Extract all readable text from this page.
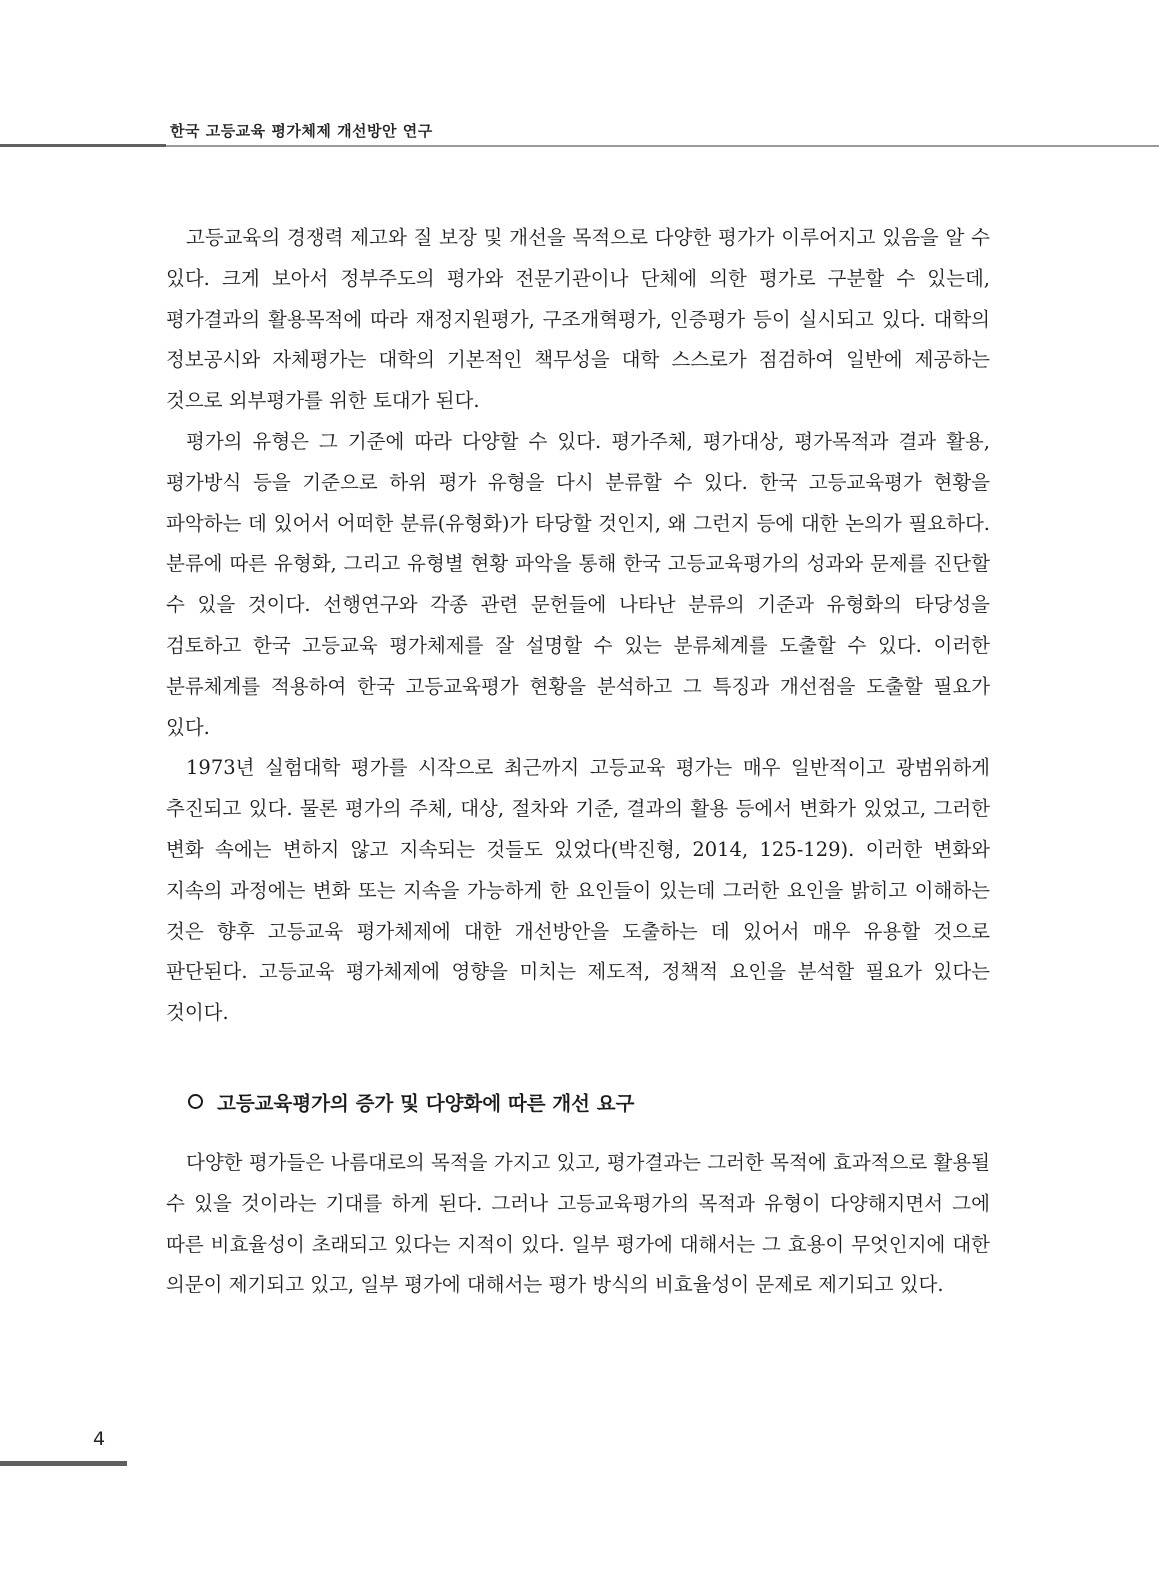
한국 고등교육 평가체제 개선방안 연구

고등교육의 경쟁력 제고와 질 보장 및 개선을 목적으로 다양한 평가가 이루어지고 있음을 알 수 있다. 크게 보아서 정부주도의 평가와 전문기관이나 단체에 의한 평가로 구분할 수 있는데, 평가결과의 활용목적에 따라 재정지원평가, 구조개혁평가, 인증평가 등이 실시되고 있다. 대학의 정보공시와 자체평가는 대학의 기본적인 책무성을 대학 스스로가 점검하여 일반에 제공하는 것으로 외부평가를 위한 토대가 된다.

평가의 유형은 그 기준에 따라 다양할 수 있다. 평가주체, 평가대상, 평가목적과 결과 활용, 평가방식 등을 기준으로 하위 평가 유형을 다시 분류할 수 있다. 한국 고등교육평가 현황을 파악하는 데 있어서 어떠한 분류(유형화)가 타당할 것인지, 왜 그런지 등에 대한 논의가 필요하다. 분류에 따른 유형화, 그리고 유형별 현황 파악을 통해 한국 고등교육평가의 성과와 문제를 진단할 수 있을 것이다. 선행연구와 각종 관련 문헌들에 나타난 분류의 기준과 유형화의 타당성을 검토하고 한국 고등교육 평가체제를 잘 설명할 수 있는 분류체계를 도출할 수 있다. 이러한 분류체계를 적용하여 한국 고등교육평가 현황을 분석하고 그 특징과 개선점을 도출할 필요가 있다.

1973년 실험대학 평가를 시작으로 최근까지 고등교육 평가는 매우 일반적이고 광범위하게 추진되고 있다. 물론 평가의 주체, 대상, 절차와 기준, 결과의 활용 등에서 변화가 있었고, 그러한 변화 속에는 변하지 않고 지속되는 것들도 있었다(박진형, 2014, 125-129). 이러한 변화와 지속의 과정에는 변화 또는 지속을 가능하게 한 요인들이 있는데 그러한 요인을 밝히고 이해하는 것은 향후 고등교육 평가체제에 대한 개선방안을 도출하는 데 있어서 매우 유용할 것으로 판단된다. 고등교육 평가체제에 영향을 미치는 제도적, 정책적 요인을 분석할 필요가 있다는 것이다.

고등교육평가의 증가 및 다양화에 따른 개선 요구

다양한 평가들은 나름대로의 목적을 가지고 있고, 평가결과는 그러한 목적에 효과적으로 활용될 수 있을 것이라는 기대를 하게 된다. 그러나 고등교육평가의 목적과 유형이 다양해지면서 그에 따른 비효율성이 초래되고 있다는 지적이 있다. 일부 평가에 대해서는 그 효용이 무엇인지에 대한 의문이 제기되고 있고, 일부 평가에 대해서는 평가 방식의 비효율성이 문제로 제기되고 있다.

4
